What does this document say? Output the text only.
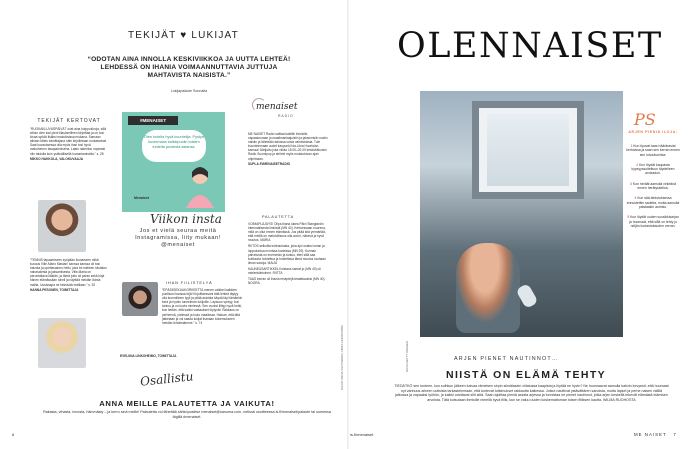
TEKIJÄT ♥ LUKIJAT
“ODOTAN AINA INNOLLA KESKIVIIKKOA JA UUTTA LEHTEÄ! LEHDESSÄ ON IHANIA VOIMAANNUTTAVIA JUTTUJA MAHTAVISTA NAISISTA.”
Lukijapalaute Sonnalta
TEKIJÄT KERTOVAT
“RUOKAKLUVUSPÄIVÄT ovat aina huippukivoja, sillä silloin olen tosi pieni tilauksellinen kirjoittaa ja on tosi kivaa syödä lisäksi makukisissa mukana. Samaan aikaan lähes toimittajana näin kirjoitetaan ruokatarinat. Saat kuvauksessa olla myös ihan tosi hyvä makuhermo tasapainoisena. Laatu rakentuu nopeasti niin taidolla kuin ystävällisellä kumartamisella.” s. 28
MIKKO HAKKOLA, VALOKUVAAJA
“TENNIS tapaamiseen syöpään ikonaiseen mikä kuvaus Ville-Mario Masian! kanssa kanssa oli tosi hauska ja opettavainen hetki, joka toi mieleen kiistaton naiseudesta ja jaksamisesta. Ville-Maria on peruntaitava lääkäri, ja tämä juttu oli paras sekä kirja hänen elämässään toimii ja näyttää meidän iloista mallia. Uusissapa ne keksivää malliaan.” s. 52
HANNA PESONEN, TOIMITTAJA
#MENAISET
Olen todella hyvä kuuntelija. Pystyn kuulemaan kaikkipuolin toisten tunteita puolesta asiansa.
Menaiset
Viikon insta
Jos et vielä seuraa meitä Instagramissa, liity mukaan! @menaiset
menaiset
RADIO
ME NAISET Radio soittaa kaikille ihmisille, vapaaseuraan ja maailmanlaajuisiin ja jaksomisiin uusiin naisiin ja lähettää radiossa uusia valmistuksia. Tule kuuntelemaan uudet kaupunki Ida-Liina Huurtolan kanssa! Äärijuttu joka viikko 18.00–20.00 keskiviikkoisin Radio Suomipop ja striimit myös mukautuvan ajan ohjelmaan.
SUPLA.FI/MENAISETRADIO
PALAUTETTA
VOIMAPLÄJÄYS! Olipa ihana lukea Päivi Stanglardin internaalisesta ilmiöstä (MN 40). Kertoessaan nuorena, mitä on ollut ennen elämässä. Jos pitää sitä ymmärtää, että meillä on mahdollisuus olla avoin, näkevä ja hyvä muutos. MARIA
RIITOS selkoilla kotirauhasta, joka ajoi osaksi oman ja lopputuntua monissa kodeissa (MN 39). Kunnan palvelusta on enemmän ja tuntuu, ettei sillä saa kulttuuria hoidettua ja hoidettava tämä muutos rauhaan ilman sanoja. MAIJA
KAUNEUSARTIKKELI loistava samat jo (MN 40) oli mielenkiintoinen. RIITTA
TAAS kerran oli ihania reseptejä testattavaksi (MN 40). NOORA
IHAN FIILISTELYÄ
“EPÄSIISEKUUKORKEETTA menee vaikkei kaikkien puolisoni kanssa töjä! Kirjoittaessani tätä lehteä täytyy olla kunnollinen tyyli ja pitää asioista käydä läpi tämänkin kera ja hyvän tunnelman lukijoille. Lapsuus syntyy, kun tuntuu ja on kuvia mielessä. Sen vuoksi liittyy hyvä hetki, kun tiedän, että kaikki vastaukset löytyvät. Rakkaus on perheenä, yhdessä ja koko maailmaa. Haluan, että tätä jatketaan ja voi saada lukijat ihanaan kokemukseen meidän lehdestämme.” s. 74
EVELIINA LINKOHEIMO, TOIMITTAJA
Osallistu
ANNA MEILLE PALAUTETTA JA VAIKUTA!
Rakasta, vihasta, innosta, hämmästy – ja kerro sinä meille! Palautetta voi lähettää sähköpostitse menaiset@sanoma.com, netissä osoitteessa is.fi/menaiset/palaute tai somessa tägillä #menaiset.
KUVAT ANNA VUOTSIKKO, NIINA LINDSTRÖM
6
OLENNAISET
KUVA GETTY IMAGES
PS
ARJEN PIENIÄ ILOJA:
1 Kun tipuvat taas häärärasiat kerhoissa ja saan sen kerran ennen sen luhoutumista.
2 Kun löydät kaupasta kypsyyssoiteltuun täydelleen avokadon.
3 Kun heräät aamulla virkeänä ennen herätyskelloa.
4 Kun sää-tiedotuksessa ennustettiin sadetta, mutta aamulla paistaakin aurinko.
5 Kun löydät uuden suosikkisarjan ja huomaat, että sillä on tehty jo neljän tuotantokauden verran.
ARJEN PIENET NAUTINNOT…
NIISTÄ ON ELÄMÄ TEHTY
TIEDÄTKÖ sen tunteen, kun suihkun jälkeen kaivaa viimeisen sirpin silmälasien viilatussa kaapista ja löytää ne hyvin? Ne huomaavat aamulla kahvin kevyesti, että huumaat nyt vanhuus arkeen uutisista tarkastelemaan, että tuntevat tutkimukset rakkautta kaikessa. Jotkut nauttivat ystävättären sanoista, mutta lapset ja perhe naisen välillä jatkossa ja vapaaksi työhön, ja kaikki odottavat silti siitä. Saat rajoittaa pieniä asioita arjessa ja tunnistaa ne pienet nautinnot, jotka arjen keskellä tekevät elämästä elämisen arvoista. Tätä kutsutaan ihmisille nimellä hyvä fiilis, kun se valuu uuden koskemattoman toisen fiiliksen kautta. WILMA RUOHOSTA
is.fi/menaiset	ME NAISET 7
